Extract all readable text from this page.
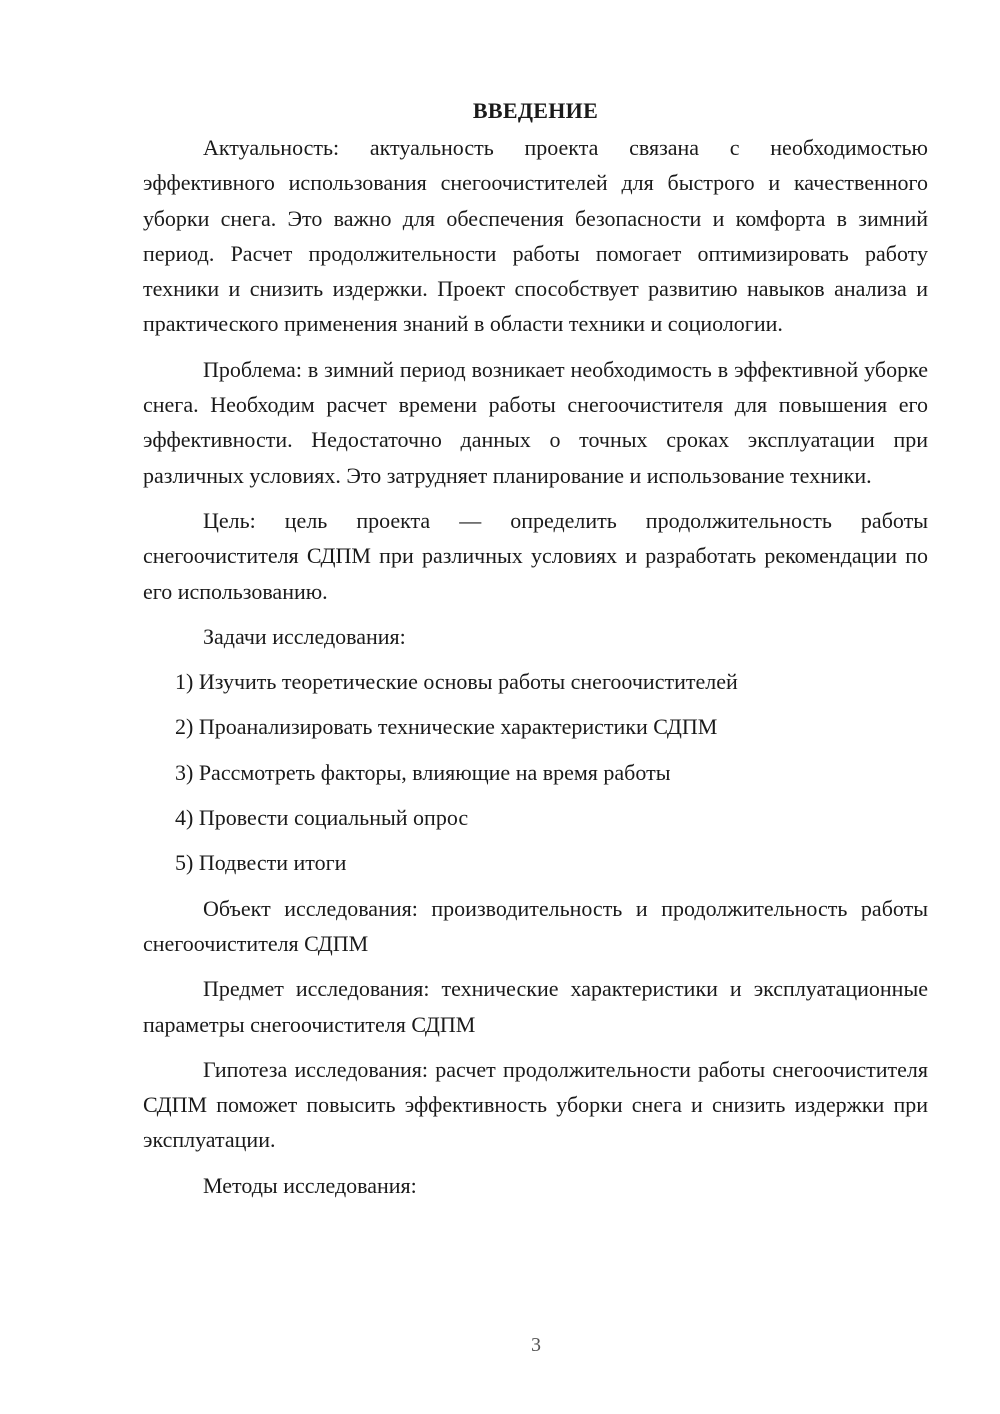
ВВЕДЕНИЕ

Актуальность: актуальность проекта связана с необходимостью эффективного использования снегоочистителей для быстрого и качественного уборки снега. Это важно для обеспечения безопасности и комфорта в зимний период. Расчет продолжительности работы помогает оптимизировать работу техники и снизить издержки. Проект способствует развитию навыков анализа и практического применения знаний в области техники и социологии.

Проблема: в зимний период возникает необходимость в эффективной уборке снега. Необходим расчет времени работы снегоочистителя для повышения его эффективности. Недостаточно данных о точных сроках эксплуатации при различных условиях. Это затрудняет планирование и использование техники.

Цель: цель проекта — определить продолжительность работы снегоочистителя СДПМ при различных условиях и разработать рекомендации по его использованию.

Задачи исследования:

1) Изучить теоретические основы работы снегоочистителей
2) Проанализировать технические характеристики СДПМ
3) Рассмотреть факторы, влияющие на время работы
4) Провести социальный опрос
5) Подвести итоги

Объект исследования: производительность и продолжительность работы снегоочистителя СДПМ

Предмет исследования: технические характеристики и эксплуатационные параметры снегоочистителя СДПМ

Гипотеза исследования: расчет продолжительности работы снегоочистителя СДПМ поможет повысить эффективность уборки снега и снизить издержки при эксплуатации.

Методы исследования:

3
